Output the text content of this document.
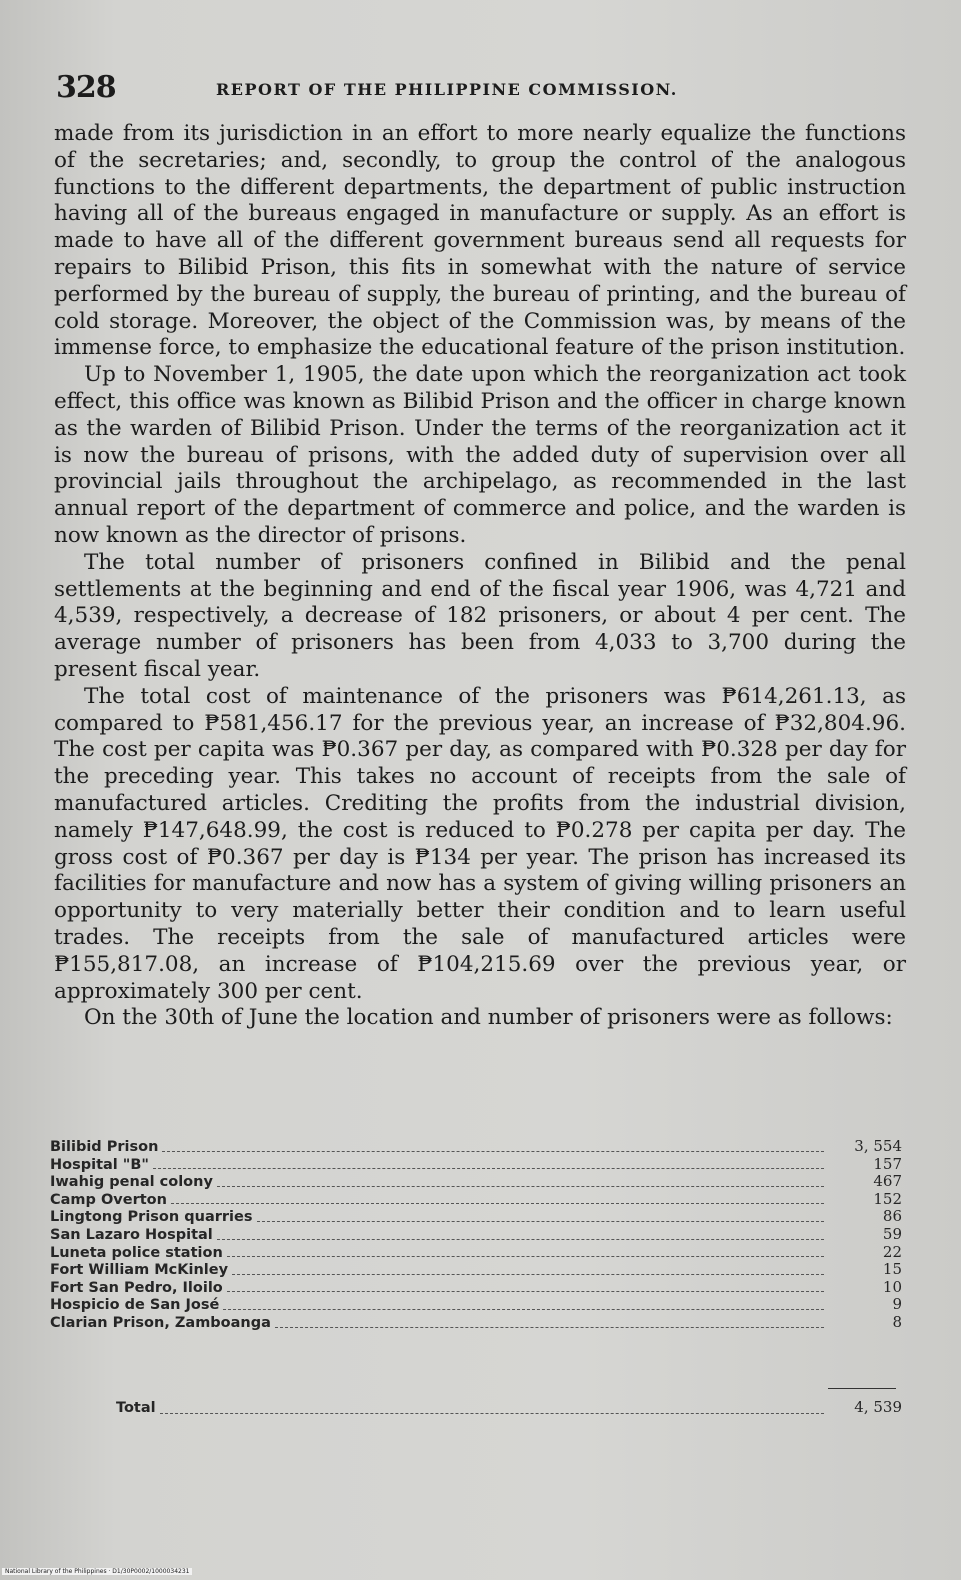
328	REPORT OF THE PHILIPPINE COMMISSION.

made from its jurisdiction in an effort to more nearly equalize the functions of the secretaries; and, secondly, to group the control of the analogous functions to the different departments, the department of public instruction having all of the bureaus engaged in manufacture or supply. As an effort is made to have all of the different government bureaus send all requests for repairs to Bilibid Prison, this fits in somewhat with the nature of service performed by the bureau of supply, the bureau of printing, and the bureau of cold storage. Moreover, the object of the Commission was, by means of the immense force, to emphasize the educational feature of the prison institution.

Up to November 1, 1905, the date upon which the reorganization act took effect, this office was known as Bilibid Prison and the officer in charge known as the warden of Bilibid Prison. Under the terms of the reorganization act it is now the bureau of prisons, with the added duty of supervision over all provincial jails throughout the archipelago, as recommended in the last annual report of the department of commerce and police, and the warden is now known as the director of prisons.

The total number of prisoners confined in Bilibid and the penal settlements at the beginning and end of the fiscal year 1906, was 4,721 and 4,539, respectively, a decrease of 182 prisoners, or about 4 per cent. The average number of prisoners has been from 4,033 to 3,700 during the present fiscal year.

The total cost of maintenance of the prisoners was ₱614,261.13, as compared to ₱581,456.17 for the previous year, an increase of ₱32,804.96. The cost per capita was ₱0.367 per day, as compared with ₱0.328 per day for the preceding year. This takes no account of receipts from the sale of manufactured articles. Crediting the profits from the industrial division, namely ₱147,648.99, the cost is reduced to ₱0.278 per capita per day. The gross cost of ₱0.367 per day is ₱134 per year. The prison has increased its facilities for manufacture and now has a system of giving willing prisoners an opportunity to very materially better their condition and to learn useful trades. The receipts from the sale of manufactured articles were ₱155,817.08, an increase of ₱104,215.69 over the previous year, or approximately 300 per cent.

On the 30th of June the location and number of prisoners were as follows:

Bilibid Prison	3, 554
Hospital "B"	157
Iwahig penal colony	467
Camp Overton	152
Lingtong Prison quarries	86
San Lazaro Hospital	59
Luneta police station	22
Fort William McKinley	15
Fort San Pedro, Iloilo	10
Hospicio de San José	9
Clarian Prison, Zamboanga	8
Total	4, 539
National Library of the Philippines · D1/30P0002/1000034231
